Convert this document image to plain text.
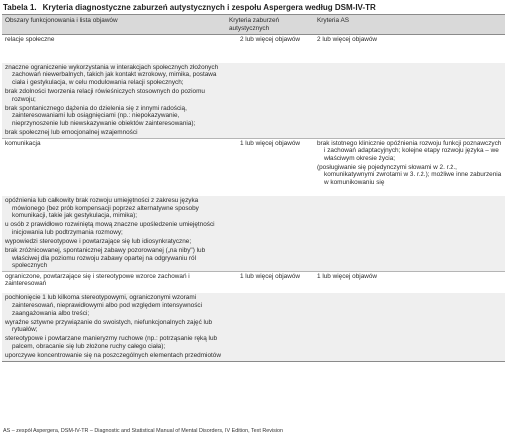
Tabela 1. Kryteria diagnostyczne zaburzeń autystycznych i zespołu Aspergera według DSM-IV-TR
Obszary funkcjonowania i lista objawów	Kryteria zaburzeń autystycznych	Kryteria AS
relacje społeczne	2 lub więcej objawów	2 lub więcej objawów

znaczne ograniczenie wykorzystania w interakcjach społecznych złożonych zachowań niewerbalnych, takich jak kontakt wzrokowy, mimika, postawa ciała i gestykulacja, w celu modulowania relacji społecznych;
brak zdolności tworzenia relacji rówieśniczych stosownych do poziomu rozwoju;
brak spontanicznego dążenia do dzielenia się z innymi radością, zainteresowaniami lub osiągnięciami (np.: niepokazywanie, nieprzynoszenie lub niewskazywanie obiektów zainteresowania);
brak społecznej lub emocjonalnej wzajemności		

komunikacja	1 lub więcej objawów	brak istotnego klinicznie opóźnienia rozwoju funkcji poznawczych i zachowań adaptacyjnych; kolejne etapy rozwoju języka – we właściwym okresie życia;
(posługiwanie się pojedynczymi słowami w 2. r.ż., komunikatywnymi zwrotami w 3. r.ż.); możliwe inne zaburzenia w komunikowaniu się

opóźnienia lub całkowity brak rozwoju umiejętności z zakresu języka mówionego (bez prób kompensacji poprzez alternatywne sposoby komunikacji, takie jak gestykulacja, mimika);
u osób z prawidłowo rozwiniętą mową znaczne upośledzenie umiejętności inicjowania lub podtrzymania rozmowy;
wypowiedzi stereotypowe i powtarzające się lub idiosynkratyczne;
brak zróżnicowanej, spontanicznej zabawy pozorowanej („na niby") lub właściwej dla poziomu rozwoju zabawy opartej na odgrywaniu ról społecznych		

ograniczone, powtarzające się i stereotypowe wzorce zachowań i zainteresowań	1 lub więcej objawów	1 lub więcej objawów

pochłonięcie 1 lub kilkoma stereotypowymi, ograniczonymi wzorami zainteresowań, nieprawidłowymi albo pod względem intensywności zaangażowania albo treści;
wyraźne sztywne przywiązanie do swoistych, niefunkcjonalnych zajęć lub rytuałów;
stereotypowe i powtarzane manieryzmy ruchowe (np.: potrząsanie ręką lub palcem, obracanie się lub złożone ruchy całego ciała);
uporczywe koncentrowanie się na poszczególnych elementach przedmiotów		

AS – zespół Aspergera, DSM-IV-TR – Diagnostic and Statistical Manual of Mental Disorders, IV Edition, Text Revision
